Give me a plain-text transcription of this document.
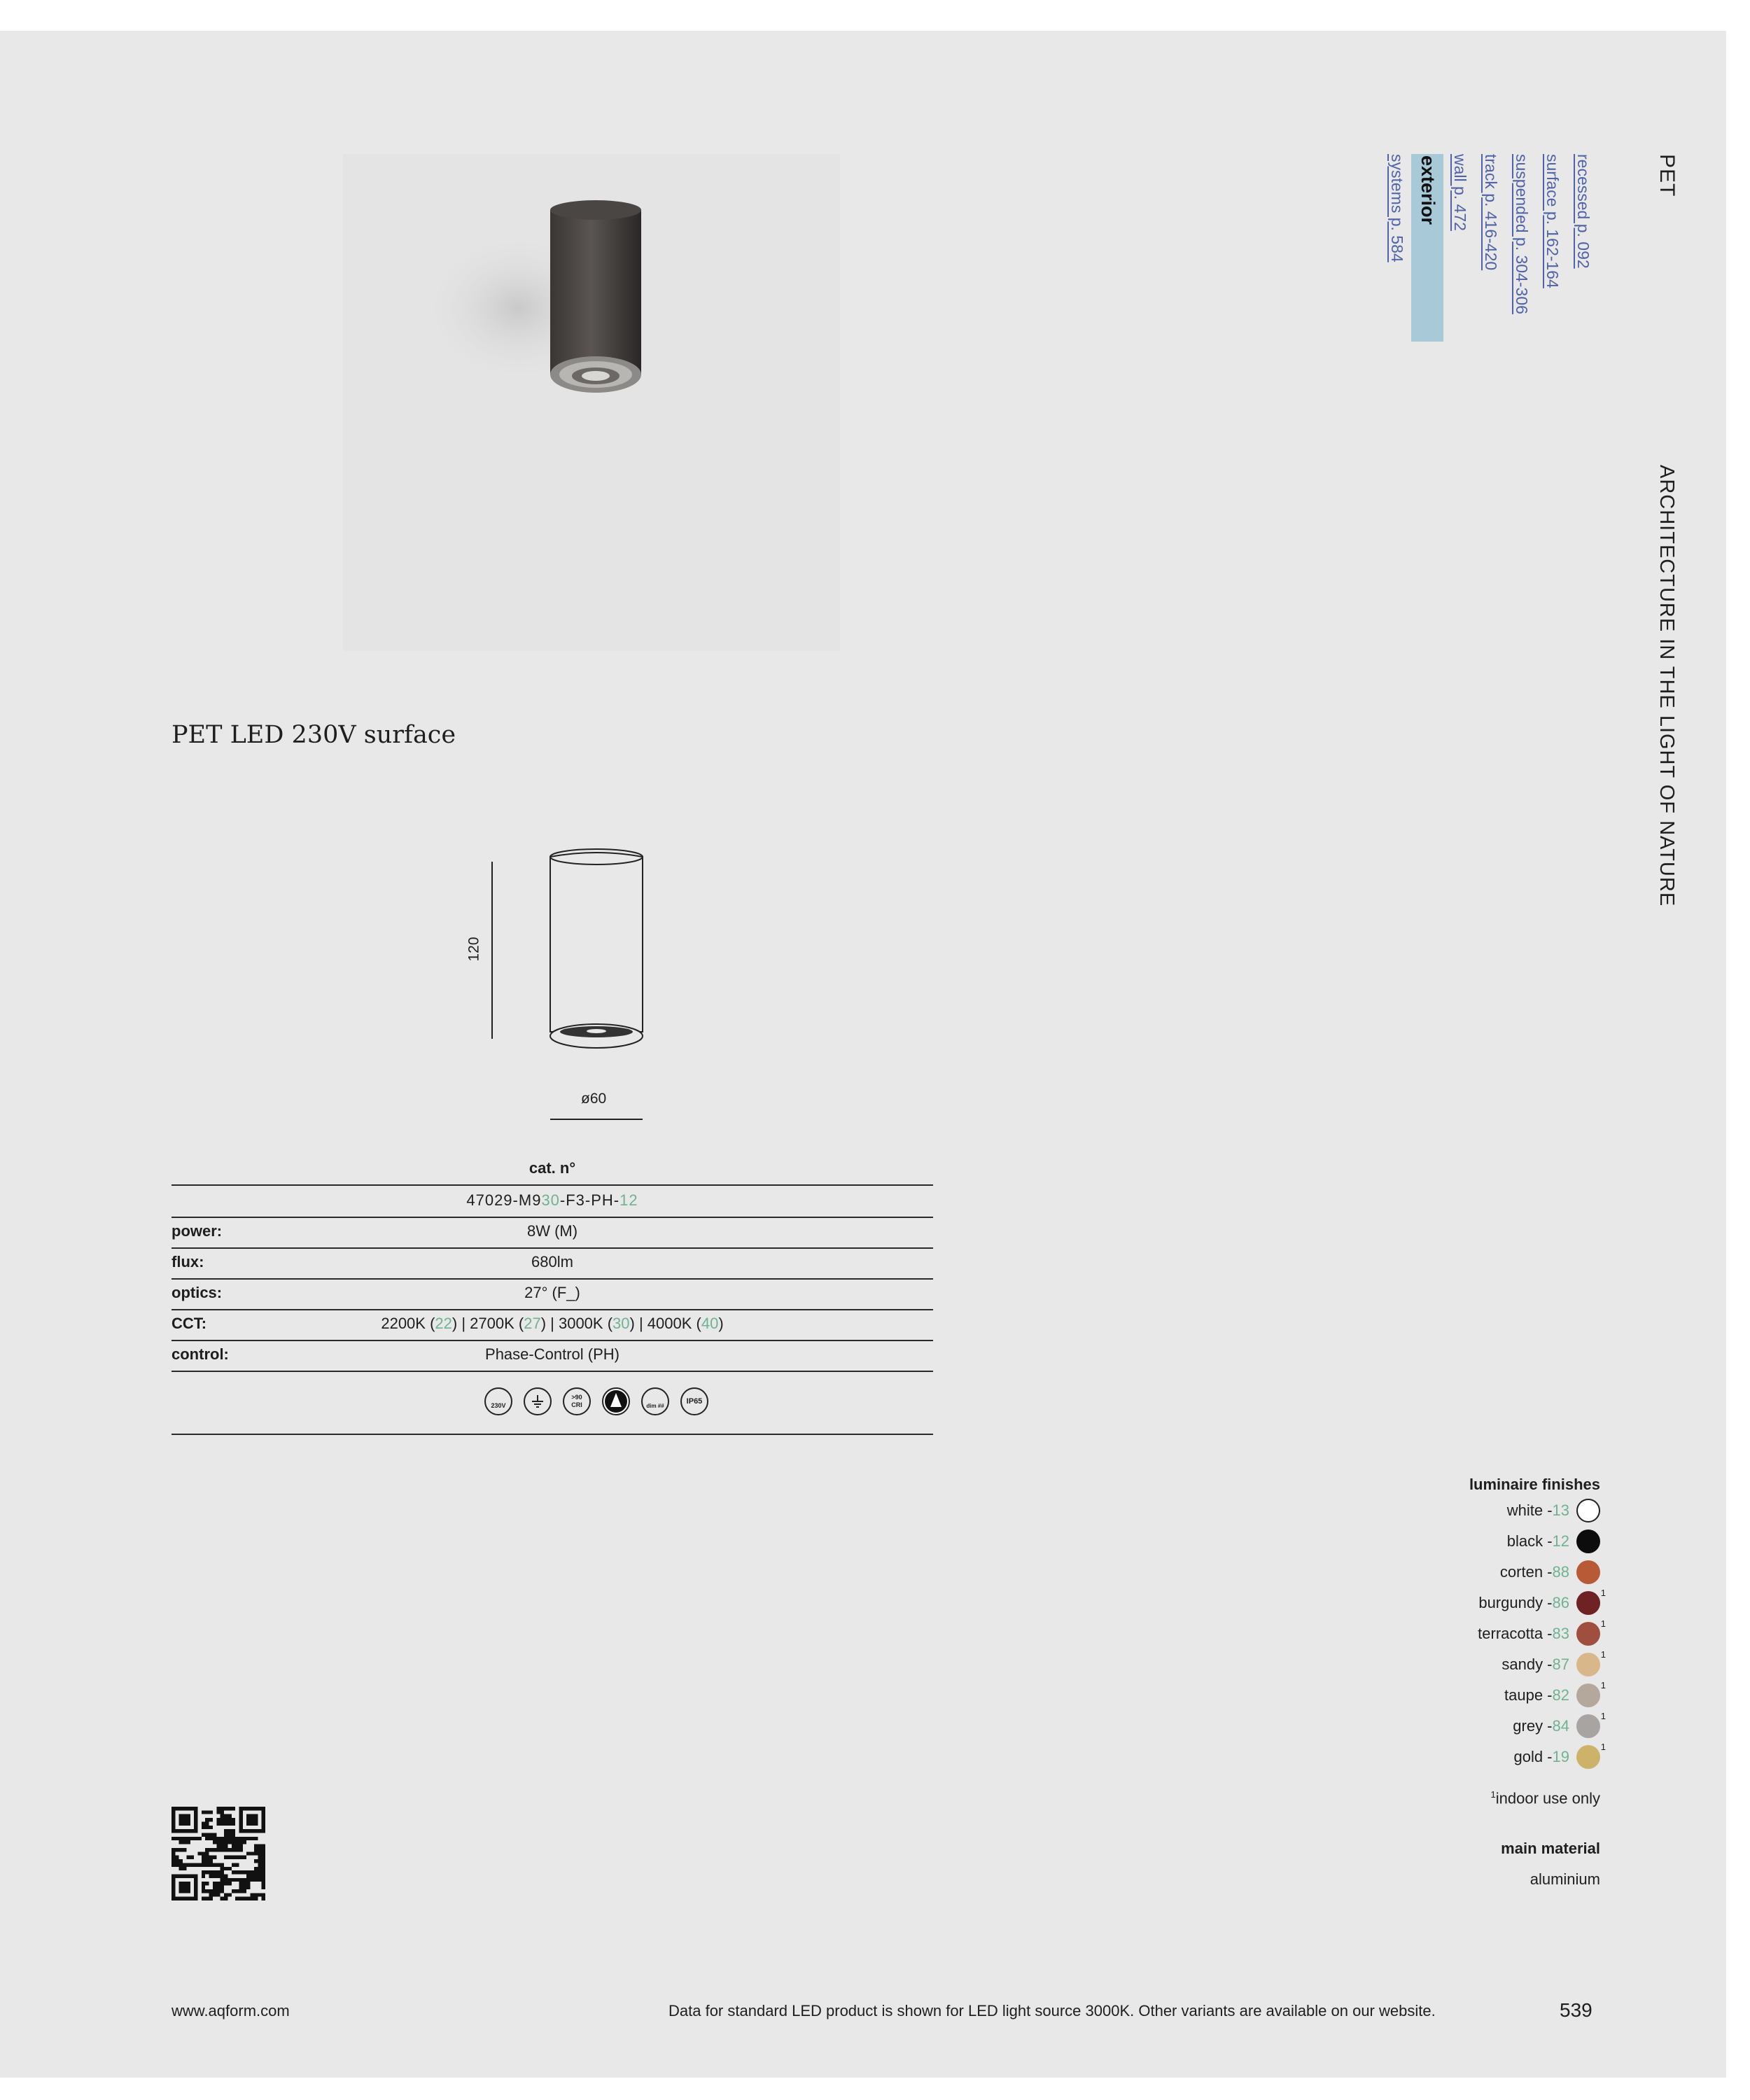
PET LED 230V surface
120
ø60
cat. n°
47029-M930-F3-PH-12
power:	8W (M)
flux:	680lm
optics:	27° (F_)
CCT:	2200K (22) | 2700K (27) | 3000K (30) | 4000K (40)
control:	Phase-Control (PH)
230V
>90 CRI	dim ##
IP65
PET
ARCHITECTURE IN THE LIGHT OF NATURE
recessed p. 092
surface p. 162-164
suspended p. 304-306
track p. 416-420
wall p. 472
exterior
systems p. 584
luminaire finishes
white - 13
black - 12
corten - 88
burgundy - 86
1
terracotta - 83
1
sandy - 87
1
taupe - 82
1
grey - 84
1
gold - 19
1
$^1$indoor use only
main material
aluminium
www.aqform.com	Data for standard LED product is shown for LED light source 3000K. Other variants are available on our website.	539
